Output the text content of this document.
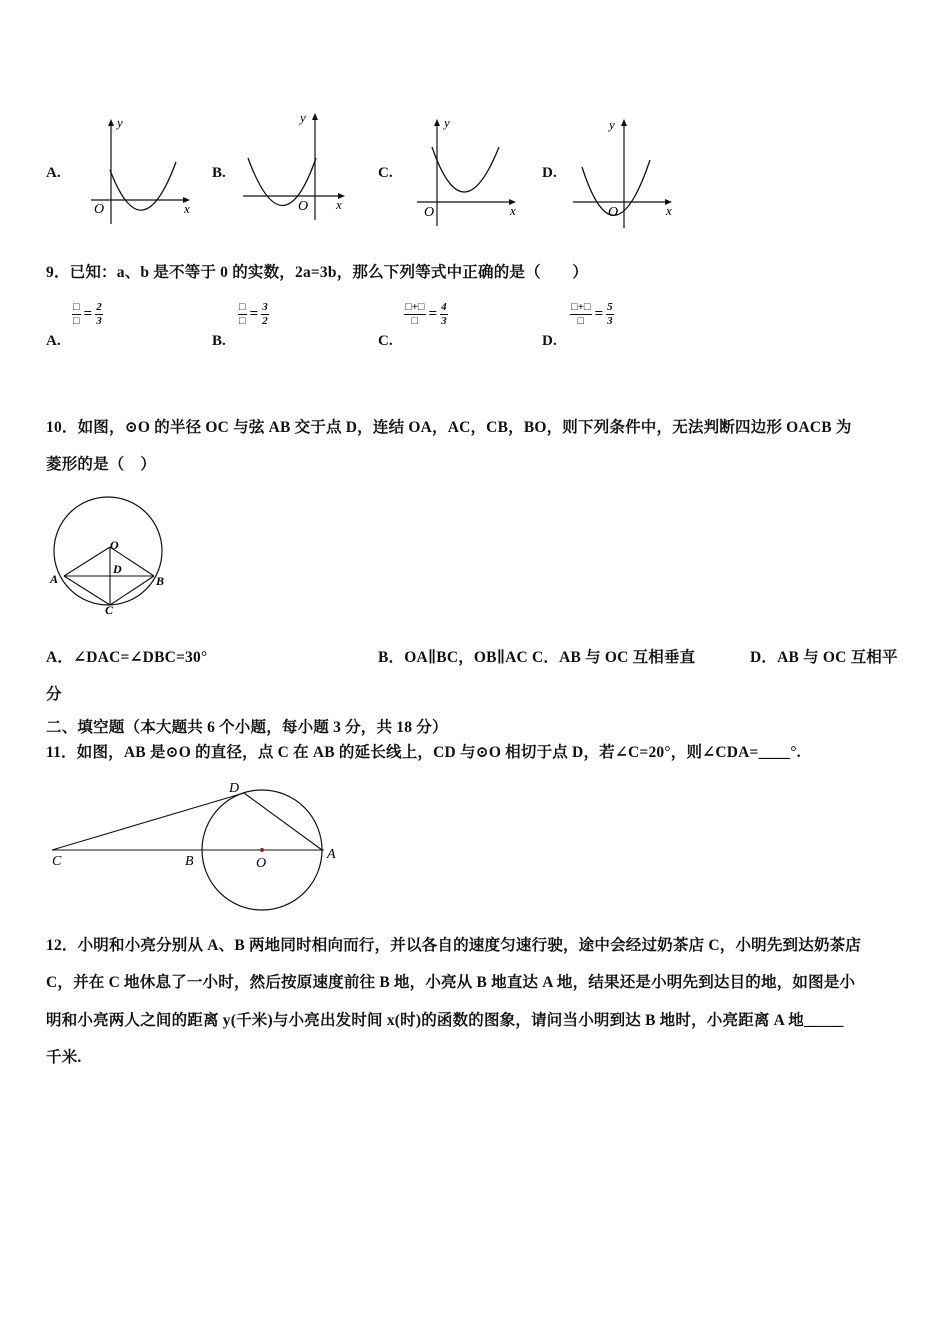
A.
y
x
O
B.
y
x
O
C.
y
x
O
D.
y
x
O
9．已知：a、b 是不等于 0 的实数，2a=3b，那么下列等式中正确的是（　　）
□
□ = $\frac{2}{3}$
A.
□
□ = $\frac{3}{2}$
B.
□+□
□ = $\frac{4}{3}$
C.
□+□
□ = $\frac{5}{3}$
D.
10．如图，⊙O 的半径 OC 与弦 AB 交于点 D，连结 OA，AC，CB，BO，则下列条件中，无法判断四边形 OACB 为
菱形的是（　）
O
D
A	B
C
A．∠DAC=∠DBC=30°	B．OA∥BC，OB∥AC C．AB 与 OC 互相垂直	D．AB 与 OC 互相平
分
二、填空题（本大题共 6 个小题，每小题 3 分，共 18 分）
11．如图，AB 是⊙O 的直径，点 C 在 AB 的延长线上，CD 与⊙O 相切于点 D，若∠C=20°，则∠CDA=____°.
C	B	O
A
D
12．小明和小亮分别从 A、B 两地同时相向而行，并以各自的速度匀速行驶，途中会经过奶茶店 C，小明先到达奶茶店
C，并在 C 地休息了一小时，然后按原速度前往 B 地，小亮从 B 地直达 A 地，结果还是小明先到达目的地，如图是小
明和小亮两人之间的距离 y(千米)与小亮出发时间 x(时)的函数的图象，请问当小明到达 B 地时，小亮距离 A 地_____
千米.
